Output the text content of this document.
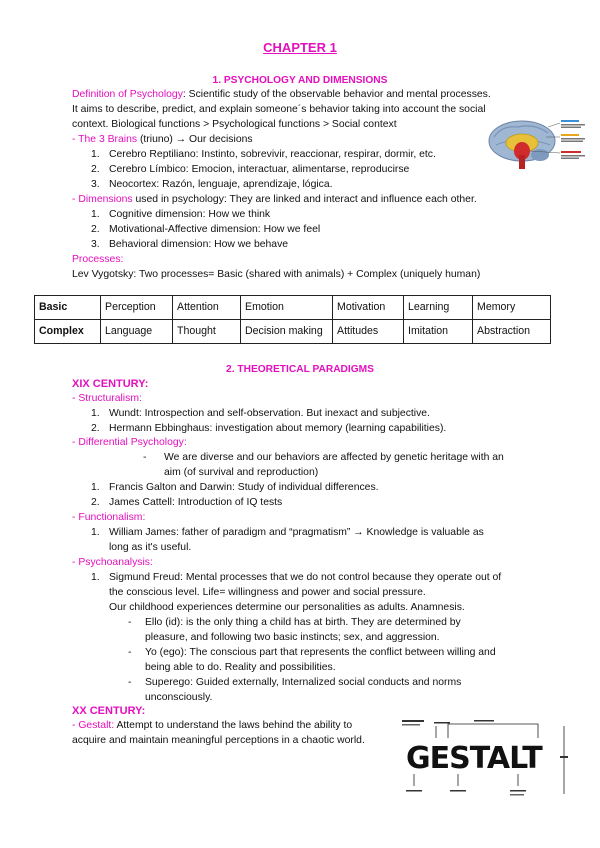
CHAPTER 1
1. PSYCHOLOGY AND DIMENSIONS
Definition of Psychology: Scientific study of the observable behavior and mental processes.
It aims to describe, predict, and explain someone´s behavior taking into account the social
context. Biological functions > Psychological functions > Social context
- The 3 Brains (triuno) → Our decisions
1. Cerebro Reptiliano: Instinto, sobrevivir, reaccionar, respirar, dormir, etc.
2. Cerebro Límbico: Emocion, interactuar, alimentarse, reproducirse
3. Neocortex: Razón, lenguaje, aprendizaje, lógica.
- Dimensions used in psychology: They are linked and interact and influence each other.
1. Cognitive dimension: How we think
2. Motivational-Affective dimension: How we feel
3. Behavioral dimension: How we behave
Processes:
Lev Vygotsky: Two processes= Basic (shared with animals) + Complex (uniquely human)
Basic	Perception	Attention	Emotion	Motivation	Learning	Memory
Complex	Language	Thought	Decision making	Attitudes	Imitation	Abstraction
2. THEORETICAL PARADIGMS
XIX CENTURY:
- Structuralism:
1. Wundt: Introspection and self-observation. But inexact and subjective.
2. Hermann Ebbinghaus: investigation about memory (learning capabilities).
- Differential Psychology:
- We are diverse and our behaviors are affected by genetic heritage with an
aim (of survival and reproduction)
1. Francis Galton and Darwin: Study of individual differences.
2. James Cattell: Introduction of IQ tests
- Functionalism:
1. William James: father of paradigm and “pragmatism” → Knowledge is valuable as
long as it's useful.
- Psychoanalysis:
1. Sigmund Freud: Mental processes that we do not control because they operate out of
the conscious level. Life= willingness and power and social pressure.
Our childhood experiences determine our personalities as adults. Anamnesis.
- Ello (id): is the only thing a child has at birth. They are determined by
pleasure, and following two basic instincts; sex, and aggression.
- Yo (ego): The conscious part that represents the conflict between willing and
being able to do. Reality and possibilities.
- Superego: Guided externally, Internalized social conducts and norms
unconsciously.
XX CENTURY:
- Gestalt: Attempt to understand the laws behind the ability to
acquire and maintain meaningful perceptions in a chaotic world.
GESTALT
